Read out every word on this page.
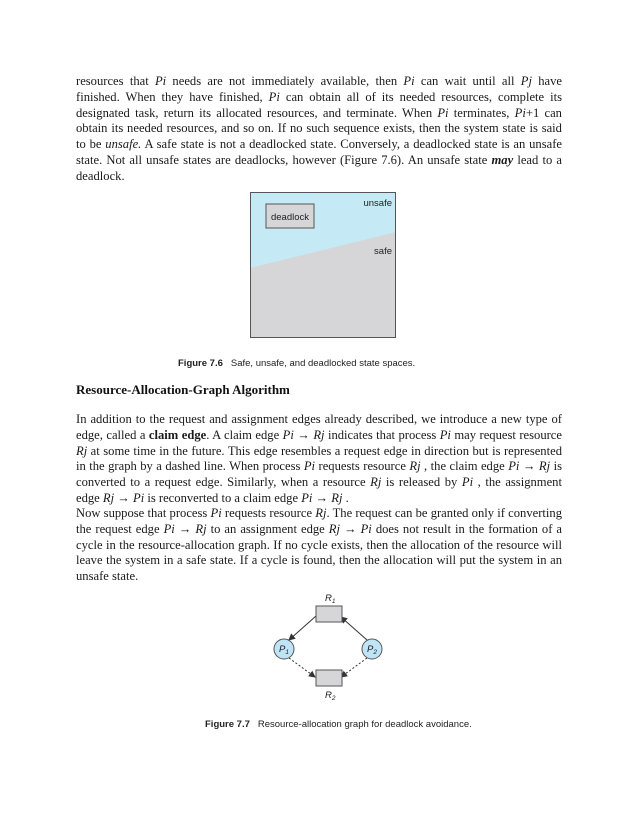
resources that Pi needs are not immediately available, then Pi can wait until all Pj have finished. When they have finished, Pi can obtain all of its needed resources, complete its designated task, return its allocated resources, and terminate. When Pi terminates, Pi+1 can obtain its needed resources, and so on. If no such sequence exists, then the system state is said to be unsafe. A safe state is not a deadlocked state. Conversely, a deadlocked state is an unsafe state. Not all unsafe states are deadlocks, however (Figure 7.6). An unsafe state may lead to a deadlock.

deadlock
unsafe
safe
Figure 7.6 Safe, unsafe, and deadlocked state spaces.
Resource-Allocation-Graph Algorithm

In addition to the request and assignment edges already described, we introduce a new type of edge, called a claim edge. A claim edge Pi → Rj indicates that process Pi may request resource Rj at some time in the future. This edge resembles a request edge in direction but is represented in the graph by a dashed line. When process Pi requests resource Rj , the claim edge Pi → Rj is converted to a request edge. Similarly, when a resource Rj is released by Pi , the assignment edge Rj → Pi is reconverted to a claim edge Pi → Rj .

Now suppose that process Pi requests resource Rj. The request can be granted only if converting the request edge Pi → Rj to an assignment edge Rj → Pi does not result in the formation of a cycle in the resource-allocation graph. If no cycle exists, then the allocation of the resource will leave the system in a safe state. If a cycle is found, then the allocation will put the system in an unsafe state.

$R_1$
$R_2$
$P_1$	$P_2$
Figure 7.7 Resource-allocation graph for deadlock avoidance.
